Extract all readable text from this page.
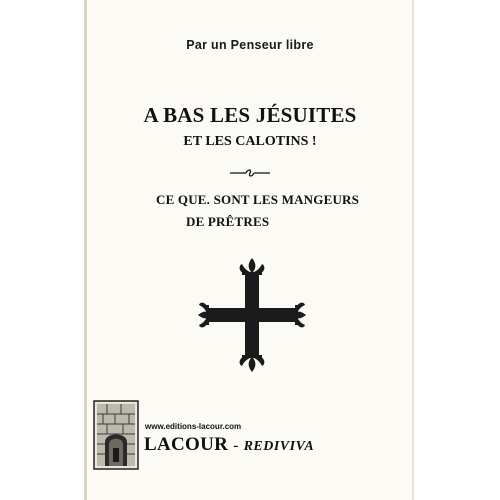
Par un Penseur libre
A BAS LES JÉSUITES
ET LES CALOTINS !
CE QUE. SONT LES MANGEURS
DE PRÊTRES
www.editions-lacour.com
LACOUR - REDIVIVA
